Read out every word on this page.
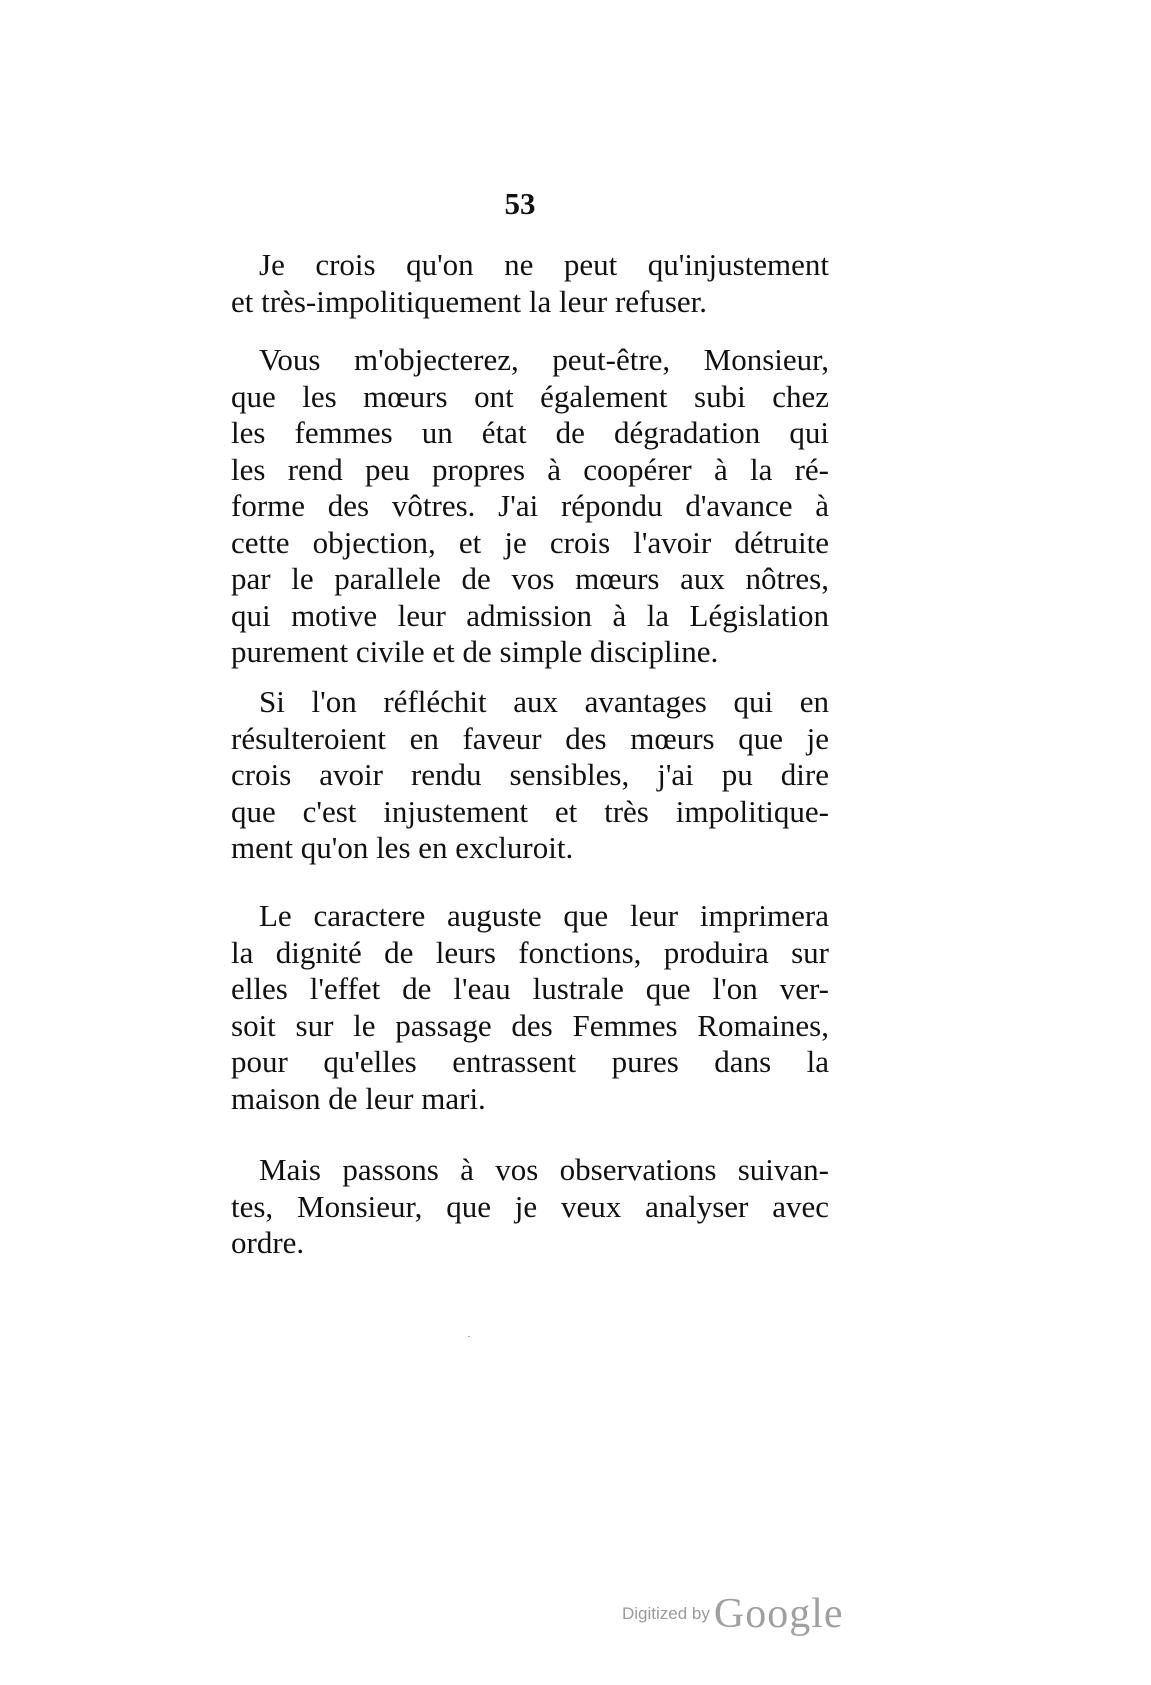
53

Je crois qu'on ne peut qu'injustement
et très-impolitiquement la leur refuser.

Vous m'objecterez, peut-être, Monsieur,
que les mœurs ont également subi chez
les femmes un état de dégradation qui
les rend peu propres à coopérer à la ré-
forme des vôtres. J'ai répondu d'avance à
cette objection, et je crois l'avoir détruite
par le parallele de vos mœurs aux nôtres,
qui motive leur admission à la Législation
purement civile et de simple discipline.

Si l'on réfléchit aux avantages qui en
résulteroient en faveur des mœurs que je
crois avoir rendu sensibles, j'ai pu dire
que c'est injustement et très impolitique-
ment qu'on les en excluroit.

Le caractere auguste que leur imprimera
la dignité de leurs fonctions, produira sur
elles l'effet de l'eau lustrale que l'on ver-
soit sur le passage des Femmes Romaines,
pour qu'elles entrassent pures dans la
maison de leur mari.

Mais passons à vos observations suivan-
tes, Monsieur, que je veux analyser avec
ordre.

Digitized by Google
